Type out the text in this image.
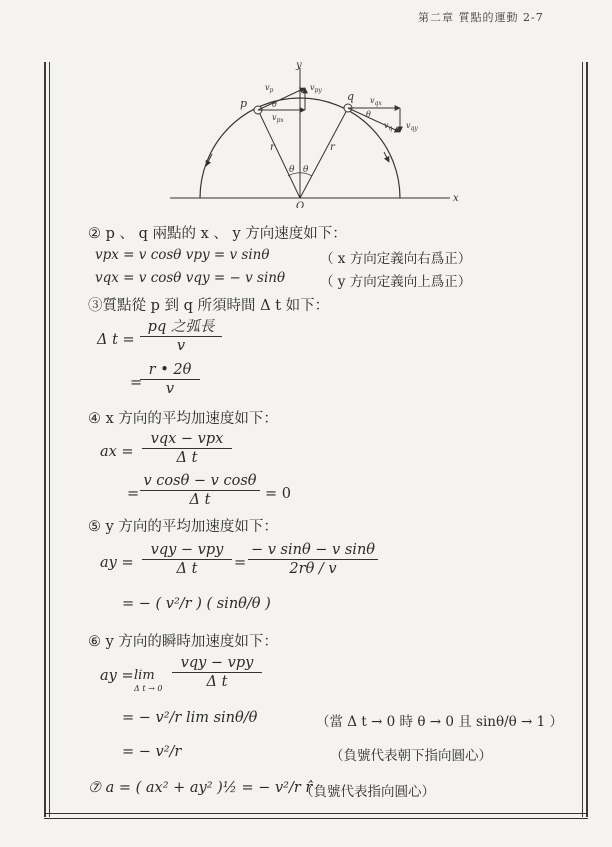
第二章 質點的運動 2-7
x
y
O
p
q
r	r
θ θ
θ
θ
$v_p$	$v_{py}$
$v_{px}$
$v_{qx}$
$v_q$ $v_{qy}$
② p 、 q 兩點的 x 、 y 方向速度如下：
vpx = v cosθ vpy = v sinθ	（ x 方向定義向右爲正）
vqx = v cosθ vqy = − v sinθ	（ y 方向定義向上爲正）
③質點從 p 到 q 所須時間 Δ t 如下：
Δ t =
pq 之弧長
v
=
$\frac{r • 2\theta}{v}$
④ x 方向的平均加速度如下：
ax =
vqx − vpx
Δ t
= $\frac{\text{v cosθ − v cosθ}}{\text{Δ t}} = 0$
⑤ y 方向的平均加速度如下：
ay =
vqy − vpy
Δ t	= $\frac{\text{− v sinθ − v sinθ}}{2r\theta / v}$
= − ( v²/r ) ( sinθ/θ )
⑥ y 方向的瞬時加速度如下：
ay = lim
Δ t → 0
vqy − vpy
Δ t
= − v²/r lim sinθ/θ	（當 Δ t → 0 時 θ → 0 且 sinθ/θ → 1 ）
= − v²/r	（負號代表朝下指向圓心）
⑦ a = ( ax² + ay² )½ = − v²/r r̂
（負號代表指向圓心）
